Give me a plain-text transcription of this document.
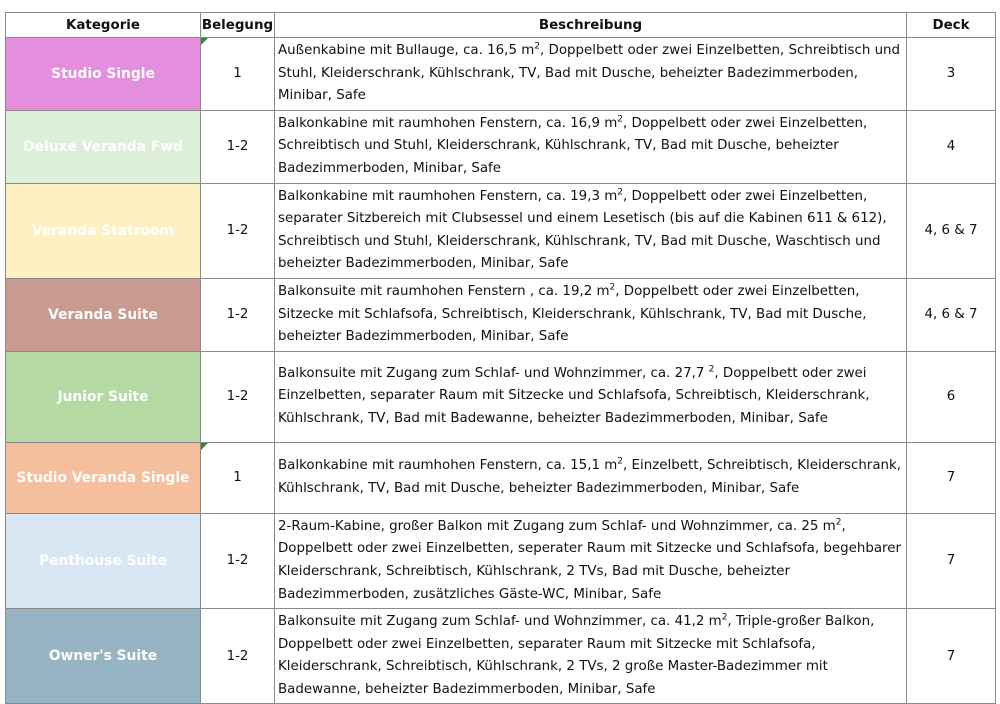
Kategorie	Belegung	Beschreibung	Deck
Studio Single	1	Außenkabine mit Bullauge, ca. 16,5 $m^2$, Doppelbett oder zwei Einzelbetten, Schreibtisch und Stuhl, Kleiderschrank, Kühlschrank, TV, Bad mit Dusche, beheizter Badezimmerboden, Minibar, Safe	3
Deluxe Veranda Fwd	1-2	Balkonkabine mit raumhohen Fenstern, ca. 16,9 $m^2$, Doppelbett oder zwei Einzelbetten, Schreibtisch und Stuhl, Kleiderschrank, Kühlschrank, TV, Bad mit Dusche, beheizter Badezimmerboden, Minibar, Safe	4
Veranda Statroom	1-2	Balkonkabine mit raumhohen Fenstern, ca. 19,3 $m^2$, Doppelbett oder zwei Einzelbetten, separater Sitzbereich mit Clubsessel und einem Lesetisch (bis auf die Kabinen 611 & 612), Schreibtisch und Stuhl, Kleiderschrank, Kühlschrank, TV, Bad mit Dusche, Waschtisch und beheizter Badezimmerboden, Minibar, Safe	4, 6 & 7
Veranda Suite	1-2	Balkonsuite mit raumhohen Fenstern , ca. 19,2 $m^2$, Doppelbett oder zwei Einzelbetten, Sitzecke mit Schlafsofa, Schreibtisch, Kleiderschrank, Kühlschrank, TV, Bad mit Dusche, beheizter Badezimmerboden, Minibar, Safe	4, 6 & 7
Junior Suite	1-2	Balkonsuite mit Zugang zum Schlaf- und Wohnzimmer, ca. 27,7 $^2$, Doppelbett oder zwei Einzelbetten, separater Raum mit Sitzecke und Schlafsofa, Schreibtisch, Kleiderschrank, Kühlschrank, TV, Bad mit Badewanne, beheizter Badezimmerboden, Minibar, Safe	6
Studio Veranda Single	1	Balkonkabine mit raumhohen Fenstern, ca. 15,1 $m^2$, Einzelbett, Schreibtisch, Kleiderschrank, Kühlschrank, TV, Bad mit Dusche, beheizter Badezimmerboden, Minibar, Safe	7
Penthouse Suite	1-2	2-Raum-Kabine, großer Balkon mit Zugang zum Schlaf- und Wohnzimmer, ca. 25 $m^2$, Doppelbett oder zwei Einzelbetten, seperater Raum mit Sitzecke und Schlafsofa, begehbarer Kleiderschrank, Schreibtisch, Kühlschrank, 2 TVs, Bad mit Dusche, beheizter Badezimmerboden, zusätzliches Gäste-WC, Minibar, Safe	7
Owner's Suite	1-2	Balkonsuite mit Zugang zum Schlaf- und Wohnzimmer, ca. 41,2 $m^2$, Triple-großer Balkon, Doppelbett oder zwei Einzelbetten, separater Raum mit Sitzecke mit Schlafsofa, Kleiderschrank, Schreibtisch, Kühlschrank, 2 TVs, 2 große Master-Badezimmer mit Badewanne, beheizter Badezimmerboden, Minibar, Safe	7
